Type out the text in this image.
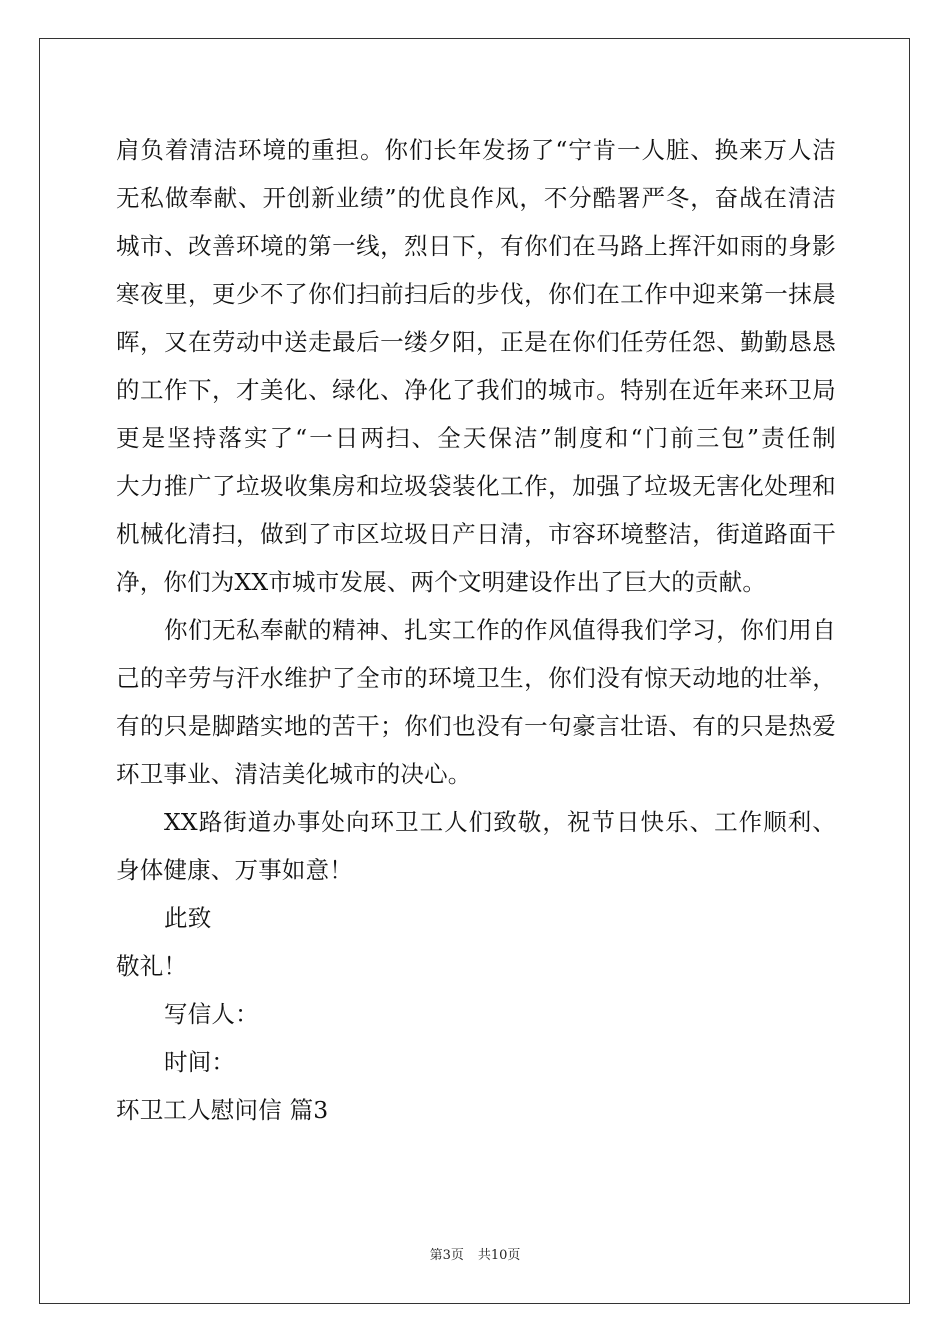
肩负着清洁环境的重担。你们长年发扬了“宁肯一人脏、换来万人洁
无私做奉献、开创新业绩”的优良作风，不分酷署严冬，奋战在清洁
城市、改善环境的第一线，烈日下，有你们在马路上挥汗如雨的身影
寒夜里，更少不了你们扫前扫后的步伐，你们在工作中迎来第一抹晨
晖，又在劳动中送走最后一缕夕阳，正是在你们任劳任怨、勤勤恳恳
的工作下，才美化、绿化、净化了我们的城市。特别在近年来环卫局
更是坚持落实了“一日两扫、全天保洁”制度和“门前三包”责任制
大力推广了垃圾收集房和垃圾袋装化工作，加强了垃圾无害化处理和
机械化清扫，做到了市区垃圾日产日清，市容环境整洁，街道路面干
净，你们为XX市城市发展、两个文明建设作出了巨大的贡献。
你们无私奉献的精神、扎实工作的作风值得我们学习，你们用自
己的辛劳与汗水维护了全市的环境卫生，你们没有惊天动地的壮举，
有的只是脚踏实地的苦干；你们也没有一句豪言壮语、有的只是热爱
环卫事业、清洁美化城市的决心。
XX路街道办事处向环卫工人们致敬，祝节日快乐、工作顺利、
身体健康、万事如意！
此致
敬礼！
写信人：
时间：
环卫工人慰问信 篇3
第3页 共10页
